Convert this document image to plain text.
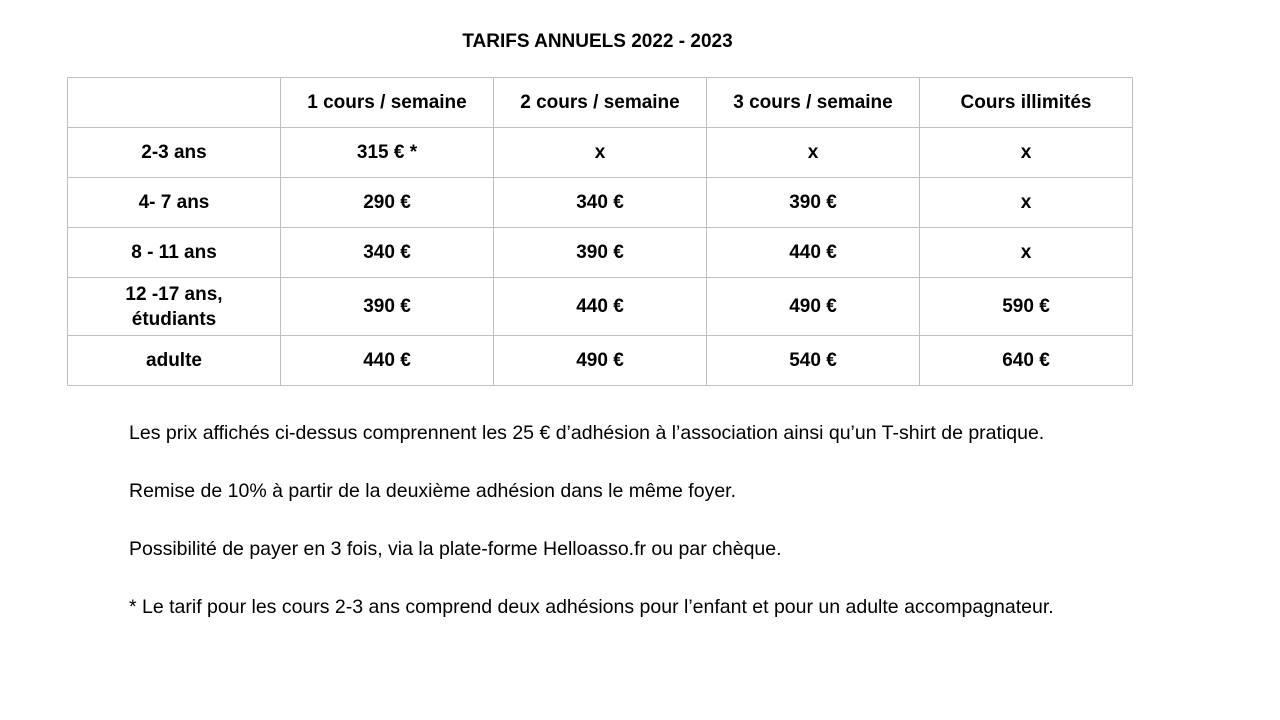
TARIFS ANNUELS 2022 - 2023
	1 cours / semaine	2 cours / semaine	3 cours / semaine	Cours illimités
2-3 ans	315 € *	x	x	x
4- 7 ans	290 €	340 €	390 €	x
8 - 11 ans	340 €	390 €	440 €	x
12 -17 ans,
étudiants	390 €	440 €	490 €	590 €
adulte	440 €	490 €	540 €	640 €

Les prix affichés ci-dessus comprennent les 25 € d’adhésion à l’association ainsi qu’un T-shirt de pratique.

Remise de 10% à partir de la deuxième adhésion dans le même foyer.

Possibilité de payer en 3 fois, via la plate-forme Helloasso.fr ou par chèque.

* Le tarif pour les cours 2-3 ans comprend deux adhésions pour l’enfant et pour un adulte accompagnateur.
